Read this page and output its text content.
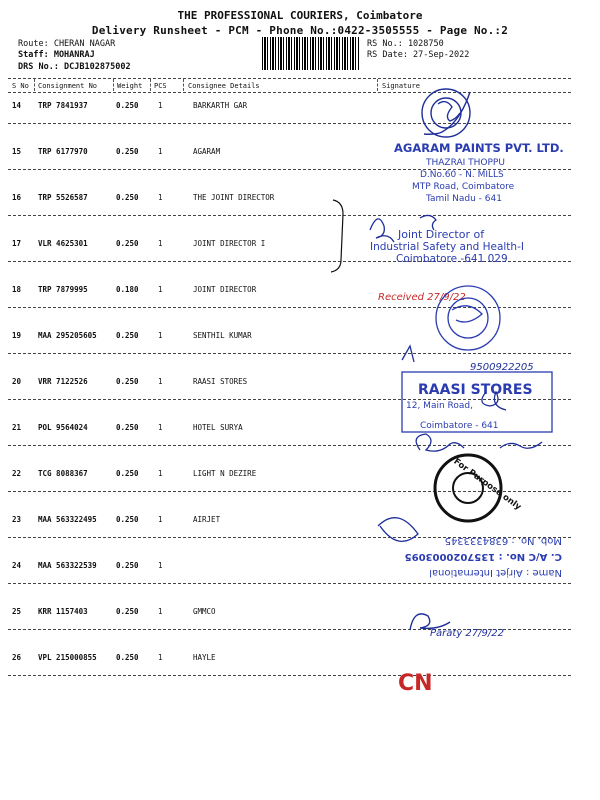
THE PROFESSIONAL COURIERS, Coimbatore
Delivery Runsheet - PCM - Phone No.:0422-3505555 - Page No.:2
Route: CHERAN NAGAR
Staff: MOHANRAJ
DRS No.: DCJB102875002
RS No.: 1028750
RS Date: 27-Sep-2022
S No Consignment No	Weight PCS	Consignee Details	Signature
14 TRP 7841937	0.250	1	BARKARTH GAR
15 TRP 6177970	0.250	1	AGARAM
16 TRP 5526587	0.250	1	THE JOINT DIRECTOR
17 VLR 4625301	0.250	1	JOINT DIRECTOR I
18 TRP 7879995	0.180	1	JOINT DIRECTOR
19 MAA 295205605	0.250	1	SENTHIL KUMAR
20 VRR 7122526	0.250	1	RAASI STORES
21 POL 9564024	0.250	1	HOTEL SURYA
22 TCG 8088367	0.250	1	LIGHT N DEZIRE
23 MAA 563322495	0.250	1	AIRJET
24 MAA 563322539	0.250	1
25 KRR 1157403	0.250	1	GMMCO
26 VPL 215000855	0.250	1	HAYLE
AGARAM PAINTS PVT. LTD.
THAZRAI THOPPU
D.No.60 - N. MILLS
MTP Road, Coimbatore
Tamil Nadu - 641
Joint Director of
Industrial Safety and Health-I
Coimbatore -641 029
Received 27/9/22
9500922205
RAASI STORES
12, Main Road,
Coimbatore - 641
For Purpose only
Name : Airjet International
C. A/C No. : 1357020003095
Mob. No. : 6384333345
Paraty 27/9/22
CN
